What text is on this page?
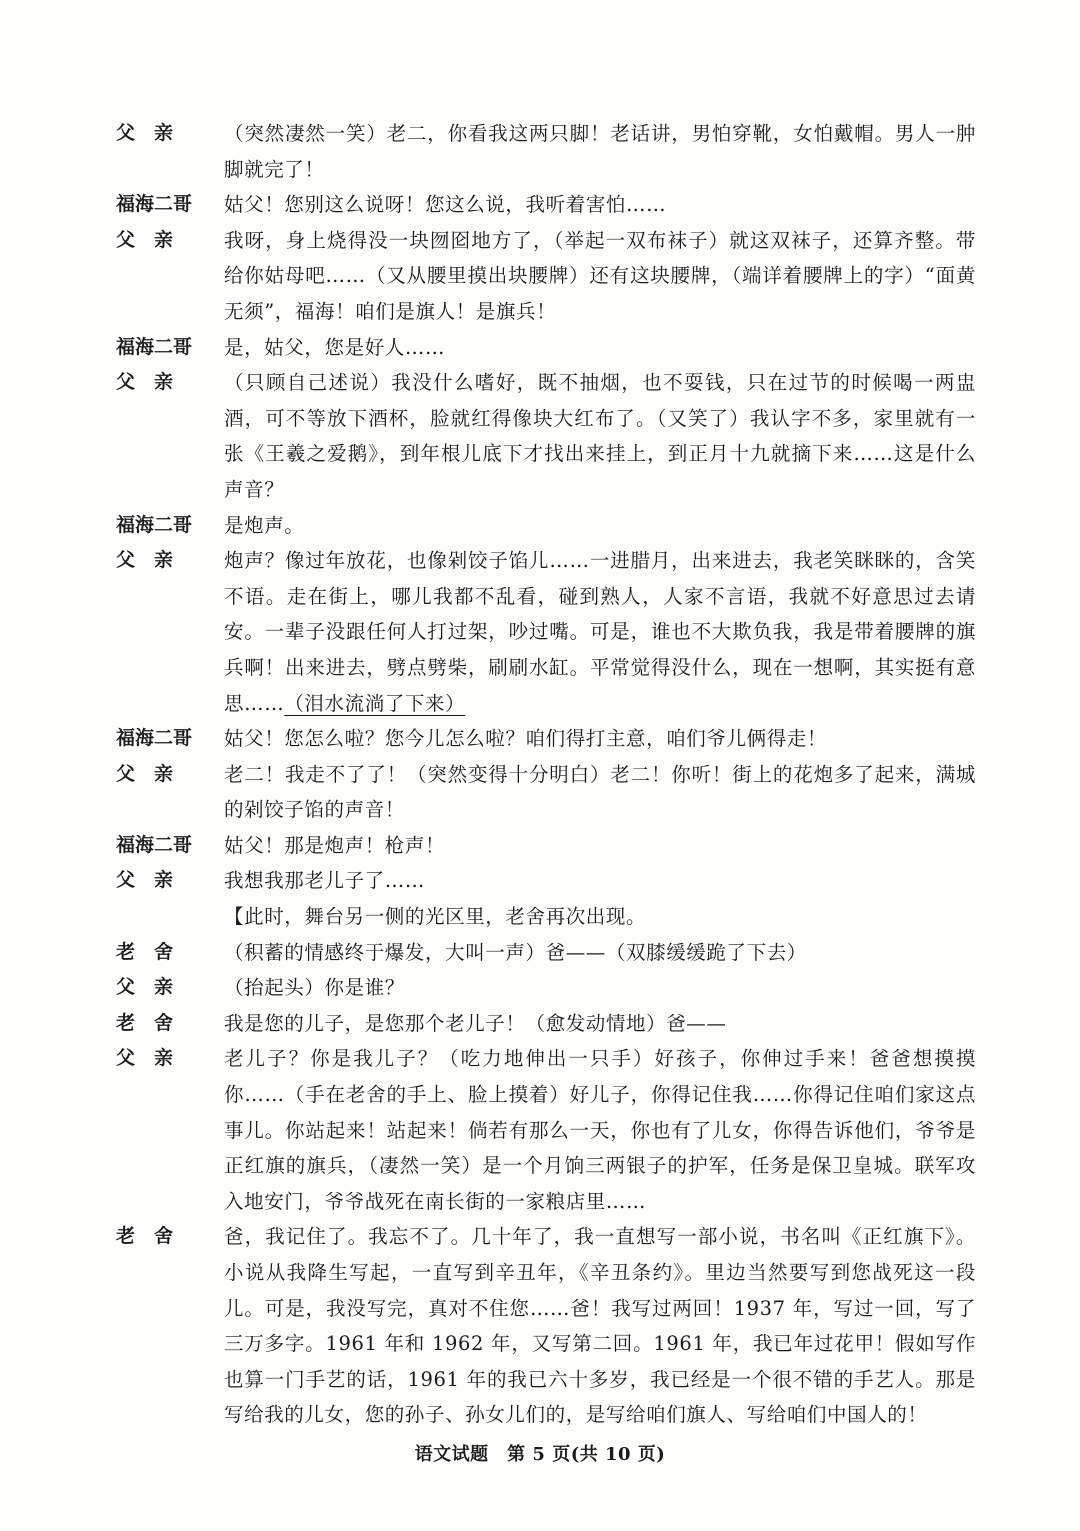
父　亲	（突然凄然一笑）老二，你看我这两只脚！老话讲，男怕穿靴，女怕戴帽。男人一肿脚就完了！
福海二哥	姑父！您别这么说呀！您这么说，我听着害怕……
父　亲	我呀，身上烧得没一块囫囵地方了，（举起一双布袜子）就这双袜子，还算齐整。带给你姑母吧……（又从腰里摸出块腰牌）还有这块腰牌，（端详着腰牌上的字）“面黄无须”，福海！咱们是旗人！是旗兵！
福海二哥	是，姑父，您是好人……
父　亲	（只顾自己述说）我没什么嗜好，既不抽烟，也不耍钱，只在过节的时候喝一两盅酒，可不等放下酒杯，脸就红得像块大红布了。（又笑了）我认字不多，家里就有一张《王羲之爱鹅》，到年根儿底下才找出来挂上，到正月十九就摘下来……这是什么声音？
福海二哥	是炮声。
父　亲	炮声？像过年放花，也像剁饺子馅儿……一进腊月，出来进去，我老笑眯眯的，含笑不语。走在街上，哪儿我都不乱看，碰到熟人，人家不言语，我就不好意思过去请安。一辈子没跟任何人打过架，吵过嘴。可是，谁也不大欺负我，我是带着腰牌的旗兵啊！出来进去，劈点劈柴，刷刷水缸。平常觉得没什么，现在一想啊，其实挺有意思……（泪水流淌了下来）
福海二哥	姑父！您怎么啦？您今儿怎么啦？咱们得打主意，咱们爷儿俩得走！
父　亲	老二！我走不了了！（突然变得十分明白）老二！你听！街上的花炮多了起来，满城的剁饺子馅的声音！
福海二哥	姑父！那是炮声！枪声！
父　亲	我想我那老儿子了……
【此时，舞台另一侧的光区里，老舍再次出现。
老　舍	（积蓄的情感终于爆发，大叫一声）爸——（双膝缓缓跪了下去）
父　亲	（抬起头）你是谁？
老　舍	我是您的儿子，是您那个老儿子！（愈发动情地）爸——
父　亲	老儿子？你是我儿子？（吃力地伸出一只手）好孩子，你伸过手来！爸爸想摸摸你……（手在老舍的手上、脸上摸着）好儿子，你得记住我……你得记住咱们家这点事儿。你站起来！站起来！倘若有那么一天，你也有了儿女，你得告诉他们，爷爷是正红旗的旗兵，（凄然一笑）是一个月饷三两银子的护军，任务是保卫皇城。联军攻入地安门，爷爷战死在南长街的一家粮店里……
老　舍	爸，我记住了。我忘不了。几十年了，我一直想写一部小说，书名叫《正红旗下》。小说从我降生写起，一直写到辛丑年，《辛丑条约》。里边当然要写到您战死这一段儿。可是，我没写完，真对不住您……爸！我写过两回！1937 年，写过一回，写了三万多字。1961 年和 1962 年，又写第二回。1961 年，我已年过花甲！假如写作也算一门手艺的话，1961 年的我已六十多岁，我已经是一个很不错的手艺人。那是写给我的儿女，您的孙子、孙女儿们的，是写给咱们旗人、写给咱们中国人的！
语文试题　第 5 页(共 10 页)
